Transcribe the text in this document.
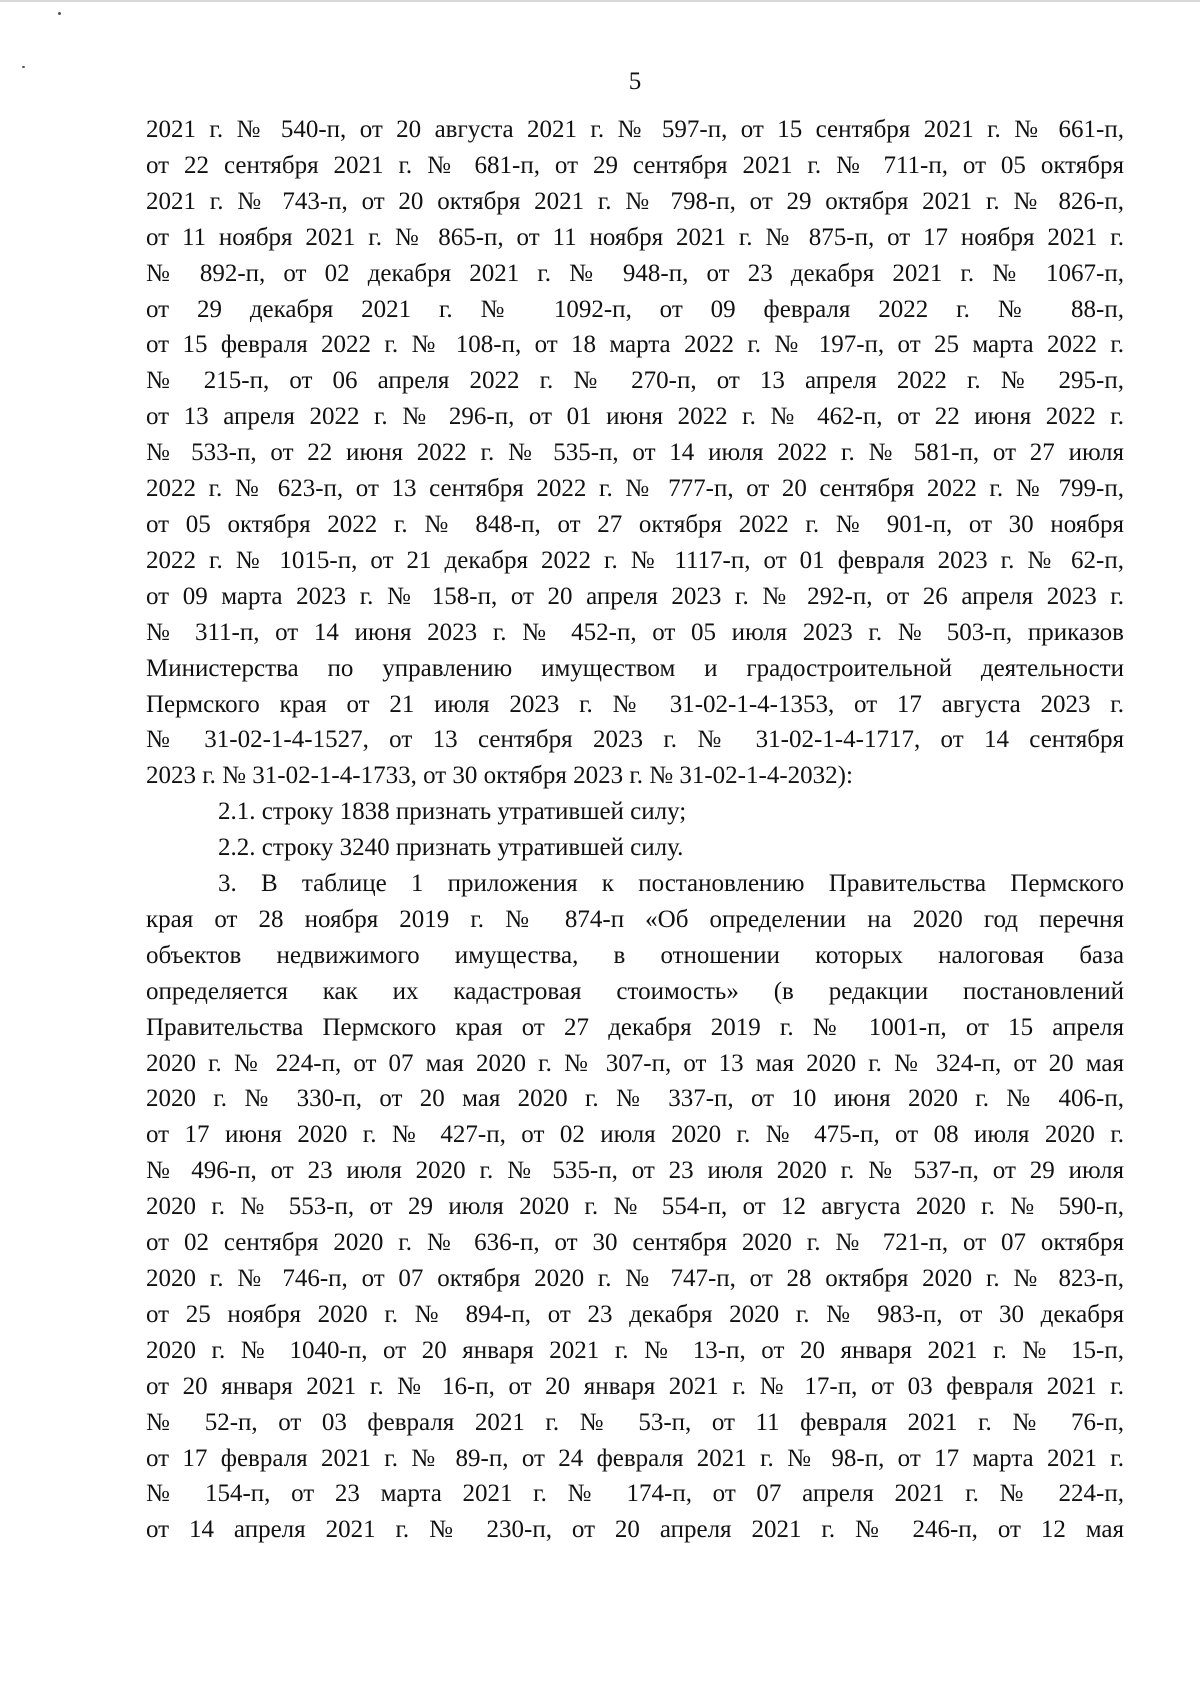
5
2021 г. № 540-п, от 20 августа 2021 г. № 597-п, от 15 сентября 2021 г. № 661-п,
от 22 сентября 2021 г. № 681-п, от 29 сентября 2021 г. № 711-п, от 05 октября
2021 г. № 743-п, от 20 октября 2021 г. № 798-п, от 29 октября 2021 г. № 826-п,
от 11 ноября 2021 г. № 865-п, от 11 ноября 2021 г. № 875-п, от 17 ноября 2021 г.
№ 892-п, от 02 декабря 2021 г. № 948-п, от 23 декабря 2021 г. № 1067-п,
от 29 декабря 2021 г. № 1092-п, от 09 февраля 2022 г. № 88-п,
от 15 февраля 2022 г. № 108-п, от 18 марта 2022 г. № 197-п, от 25 марта 2022 г.
№ 215-п, от 06 апреля 2022 г. № 270-п, от 13 апреля 2022 г. № 295-п,
от 13 апреля 2022 г. № 296-п, от 01 июня 2022 г. № 462-п, от 22 июня 2022 г.
№ 533-п, от 22 июня 2022 г. № 535-п, от 14 июля 2022 г. № 581-п, от 27 июля
2022 г. № 623-п, от 13 сентября 2022 г. № 777-п, от 20 сентября 2022 г. № 799-п,
от 05 октября 2022 г. № 848-п, от 27 октября 2022 г. № 901-п, от 30 ноября
2022 г. № 1015-п, от 21 декабря 2022 г. № 1117-п, от 01 февраля 2023 г. № 62-п,
от 09 марта 2023 г. № 158-п, от 20 апреля 2023 г. № 292-п, от 26 апреля 2023 г.
№ 311-п, от 14 июня 2023 г. № 452-п, от 05 июля 2023 г. № 503-п, приказов
Министерства по управлению имуществом и градостроительной деятельности
Пермского края от 21 июля 2023 г. № 31-02-1-4-1353, от 17 августа 2023 г.
№ 31-02-1-4-1527, от 13 сентября 2023 г. № 31-02-1-4-1717, от 14 сентября
2023 г. № 31-02-1-4-1733, от 30 октября 2023 г. № 31-02-1-4-2032):
2.1. строку 1838 признать утратившей силу;
2.2. строку 3240 признать утратившей силу.
3. В таблице 1 приложения к постановлению Правительства Пермского
края от 28 ноября 2019 г. № 874-п «Об определении на 2020 год перечня
объектов недвижимого имущества, в отношении которых налоговая база
определяется как их кадастровая стоимость» (в редакции постановлений
Правительства Пермского края от 27 декабря 2019 г. № 1001-п, от 15 апреля
2020 г. № 224-п, от 07 мая 2020 г. № 307-п, от 13 мая 2020 г. № 324-п, от 20 мая
2020 г. № 330-п, от 20 мая 2020 г. № 337-п, от 10 июня 2020 г. № 406-п,
от 17 июня 2020 г. № 427-п, от 02 июля 2020 г. № 475-п, от 08 июля 2020 г.
№ 496-п, от 23 июля 2020 г. № 535-п, от 23 июля 2020 г. № 537-п, от 29 июля
2020 г. № 553-п, от 29 июля 2020 г. № 554-п, от 12 августа 2020 г. № 590-п,
от 02 сентября 2020 г. № 636-п, от 30 сентября 2020 г. № 721-п, от 07 октября
2020 г. № 746-п, от 07 октября 2020 г. № 747-п, от 28 октября 2020 г. № 823-п,
от 25 ноября 2020 г. № 894-п, от 23 декабря 2020 г. № 983-п, от 30 декабря
2020 г. № 1040-п, от 20 января 2021 г. № 13-п, от 20 января 2021 г. № 15-п,
от 20 января 2021 г. № 16-п, от 20 января 2021 г. № 17-п, от 03 февраля 2021 г.
№ 52-п, от 03 февраля 2021 г. № 53-п, от 11 февраля 2021 г. № 76-п,
от 17 февраля 2021 г. № 89-п, от 24 февраля 2021 г. № 98-п, от 17 марта 2021 г.
№ 154-п, от 23 марта 2021 г. № 174-п, от 07 апреля 2021 г. № 224-п,
от 14 апреля 2021 г. № 230-п, от 20 апреля 2021 г. № 246-п, от 12 мая
